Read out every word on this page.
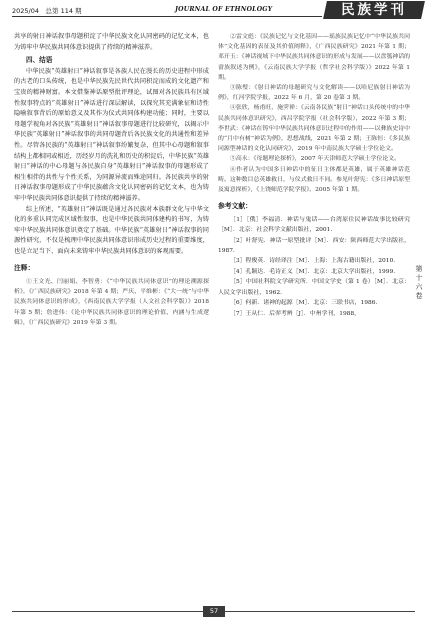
2025/04　总第 114 期	JOURNAL OF ETHNOLOGY	民族学刊
第
十
六
卷

共享的射日神话叙事母题积淀了中华民族文化认同密码的记忆文本，也为铸牢中华民族共同体意识提供了持续的精神滋养。

四、结语

中华民族“英雄射日”神话叙事是各族人民在漫长的历史进程中形成的古老的口头传统，也是中华民族先民世代共同积淀而成的文化遗产和宝贵的精神财富。本文借鉴神话原型批评理论，试图对各民族具有区域性叙事特点的“英雄射日”神话进行深层解读，以探究其充满象征和诗性隐喻叙事背后的原始意义及其作为仪式共同体构建功能；同时，主要以母题学视角对各民族“英雄射日”神话叙事母题进行比较研究，以揭示中华民族“英雄射日”神话叙事的共同母题背后各民族文化的共通性和差异性。尽管各民族的“英雄射日”神话叙事纷繁复杂，但其中心母题和叙事结构上都相同或相近，历经岁月的洗礼和历史的积淀后，中华民族“英雄射日”神话的中心母题与各民族自身“英雄射日”神话叙事的母题形成了相生相伴的共性与个性关系，为同源异流而殊途同归。各民族共享的射日神话叙事母题形成了中华民族蕴含文化认同密码的记忆文本，也为铸牢中华民族共同体意识提供了持续的精神滋养。

综上所述，“英雄射日”神话既是通过各民族对本族群文化与中华文化的多重认同完成区域性叙事，也是中华民族共同体建构的书写，为铸牢中华民族共同体意识奠定了基础。中华民族“英雄射日”神话叙事的同源性研究，不仅是梳理中华民族共同体意识形成历史过程的重要维度，也是立足当下、面向未来铸牢中华民族共同体意识的客观需要。

注释：

①王文光、闫丽娟、李智勇：《“中华民族共同体意识”的理论溯源探析》，《广西民族研究》2018 年第 4 期；严庆、平维彬：《“大一统”与中华民族共同体意识的形成》，《西南民族大学学报（人文社会科学版）》2018 年第 5 期；詹进伟：《论中华民族共同体意识的理论价值、内涵与生成逻辑》，《广西民族研究》2019 年第 3 期。

②雷文彪：《民族记忆与文化基因——瑶族民族记忆中“中华民族共同体”文化基因的表征及其价值阐释》，《广西民族研究》2021 年第 1 期；邓开玉：《神话视域下中华民族共同体意识的形成与发展——以盘瓠神话的畲族叙述为例》，《云南民族大学学报（哲学社会科学版）》2022 年第 1 期。

③陈璧：《射日神话的母题研究与文化解读——以哈尼族射日神话为例》，红河学院学报，2022 年 6 月，第 20 卷第 3 期。

④张欣，杨甫旺，施霁禅：《云南各民族“射日”神话口头传统中的中华民族共同体意识研究》，西昌学院学报（社会科学版），2022 年第 3 期；李世武：《神话在铸牢中华民族共同体意识过程中的作用——以彝族史诗中的“月中有树”神话为例》，思想战线，2021 年第 2 期；王陈恒：《多民族同源型神话的文化认同研究》，2019 年中南民族大学硕士学位论文。

⑤高永：《母题理论探析》，2007 年天津师范大学硕士学位论文。

⑥作者认为中国多日神话中的征日主体都是英雄，属于英雄神话范畴。这种数目总英雄救日，与仪式救日不同。参见叶舒宪：《多日神话原型及寓意探析》，《上饶师范学院学报》，2005 年第 1 期。

参考文献：

［1］［俄］李福清．神话与鬼话——台湾原住民神话故事比较研究［M］．北京：社会科学文献出版社，2001.

［2］叶舒宪．神话一原型批评［M］．西安：陕西师范大学出版社，1987.

［3］程俊英．诗经译注［M］．上海：上海古籍出版社，2010.

［4］孔颖达．毛诗正义［M］．北京：北京大学出版社，1999.

［5］中国社科院文学研究所．中国文学史（第 1 卷）［M］．北京：人民文学出版社，1962.

［6］何新．诸神的起源［M］．北京：三联书店，1986.

［7］王从仁．后羿考辨［J］．中州学刊，1988，

57
